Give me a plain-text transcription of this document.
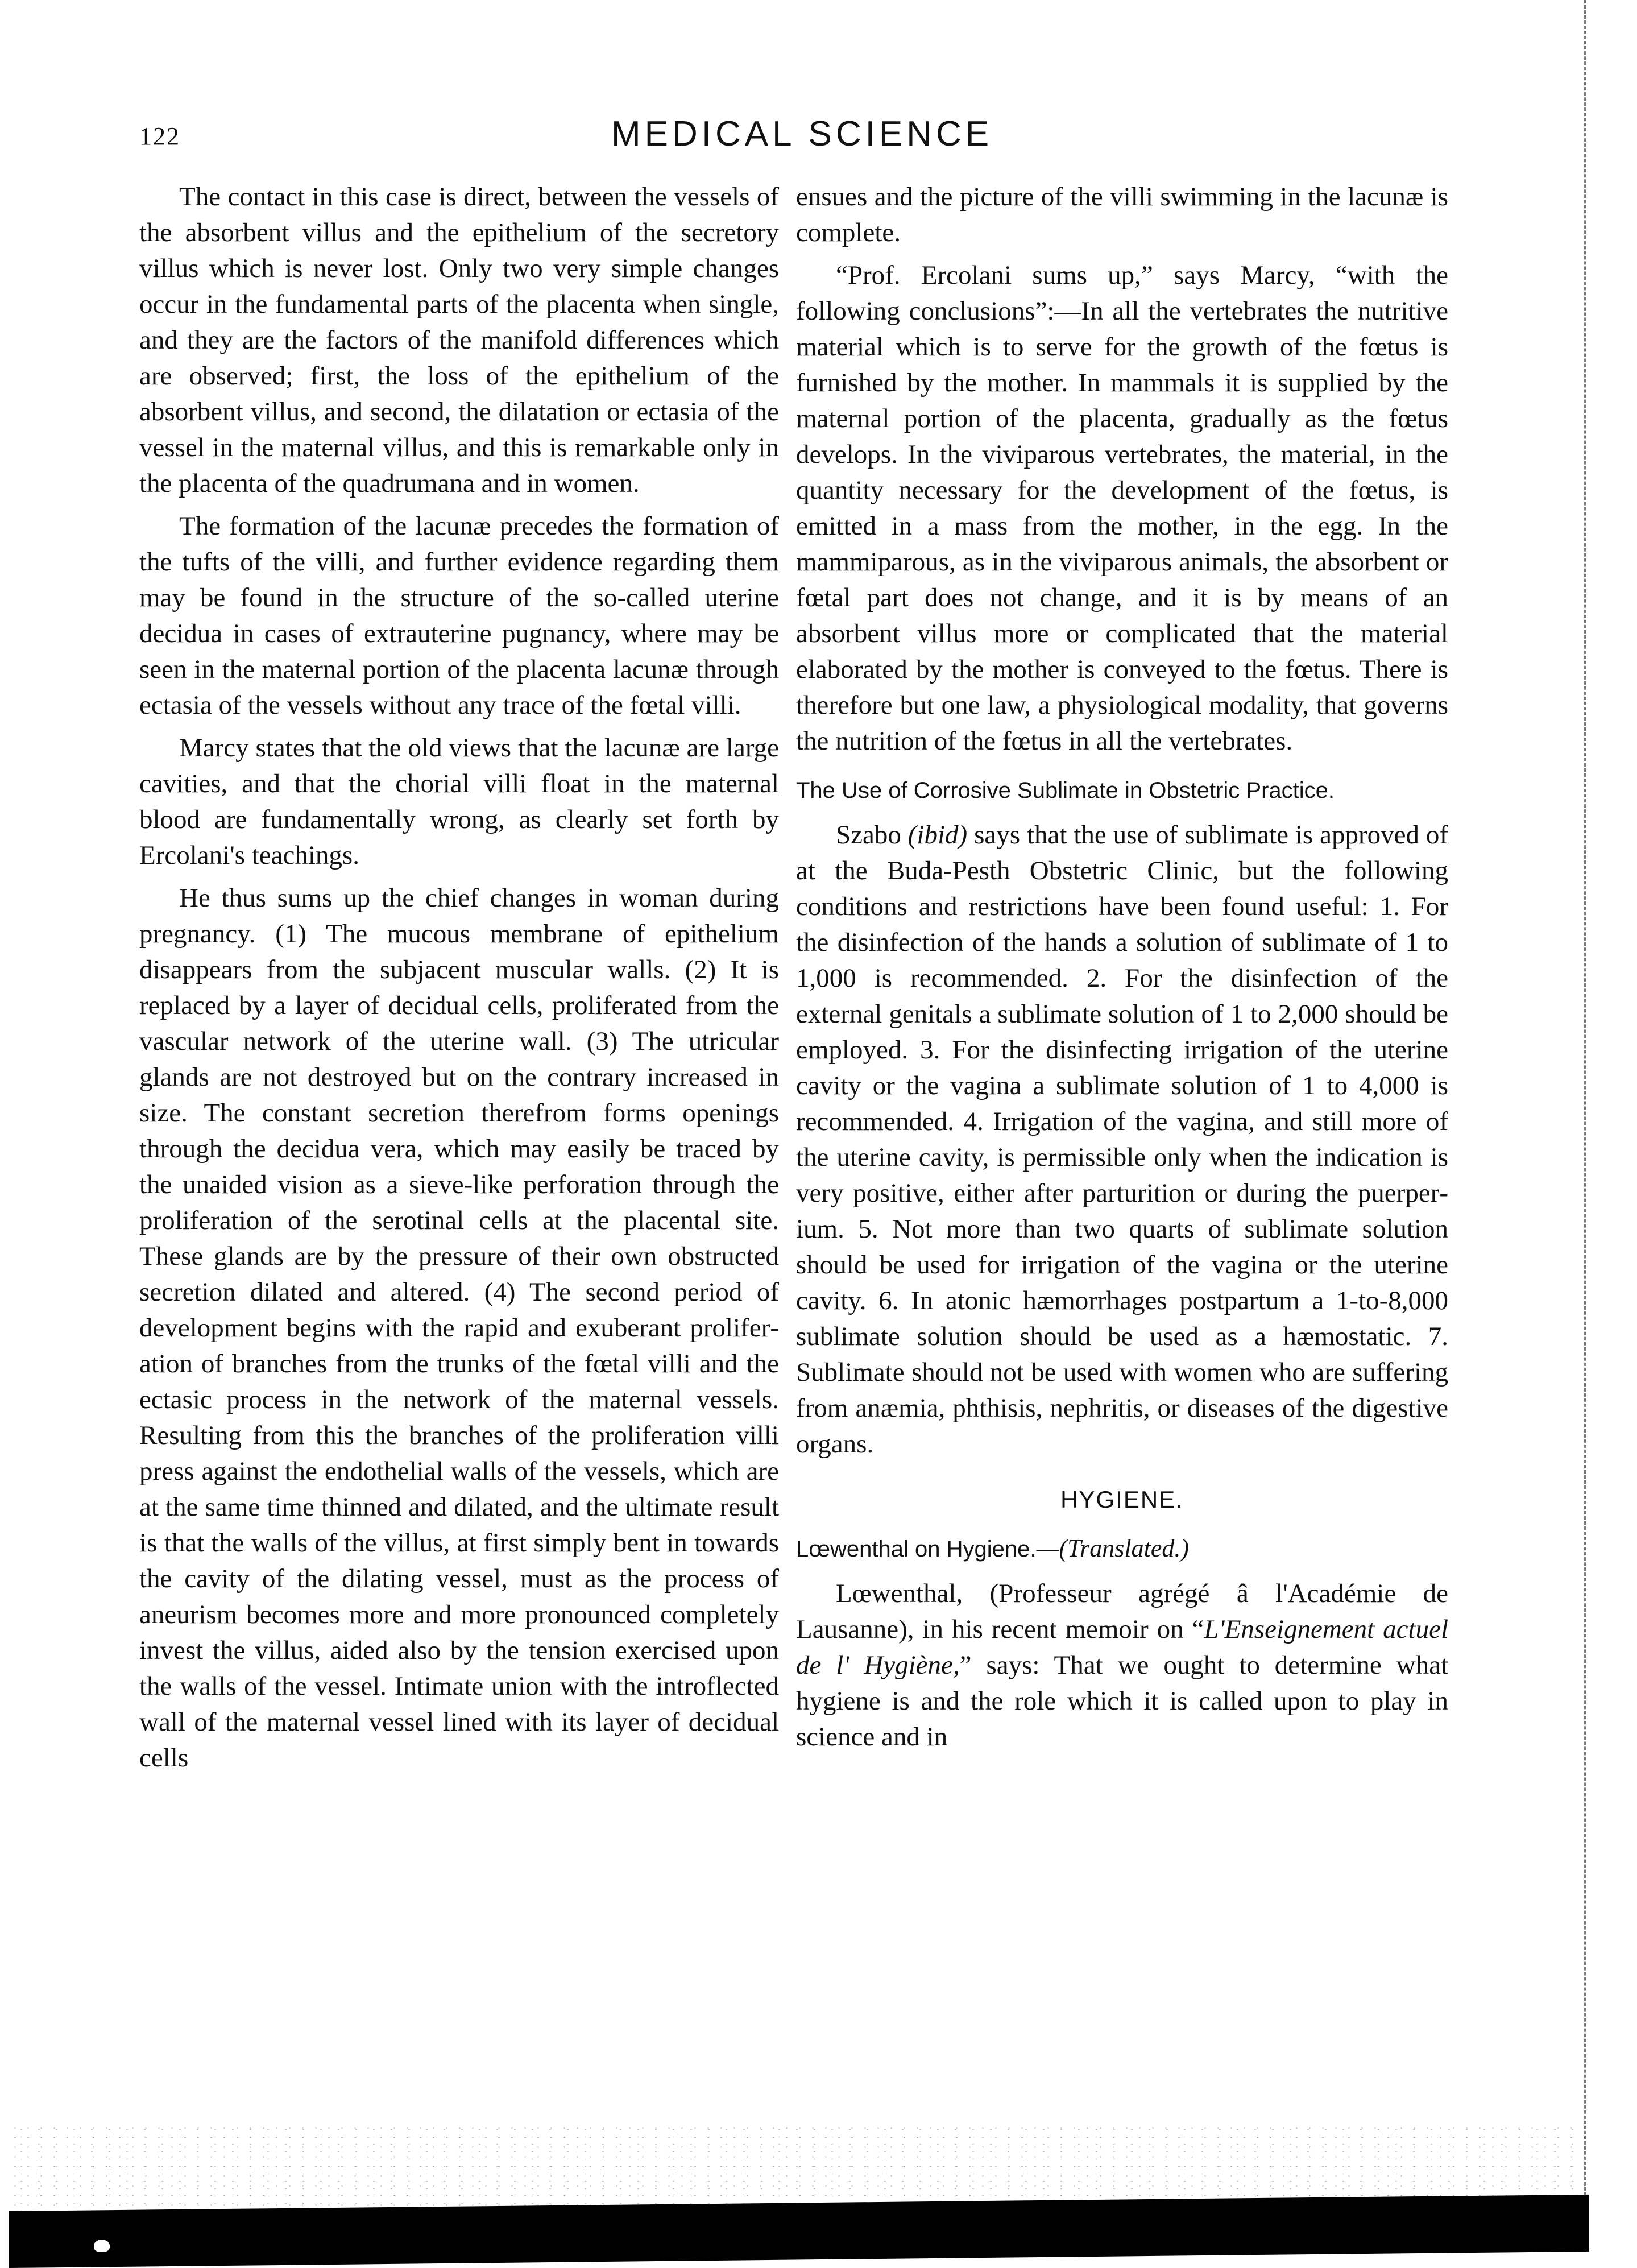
122	MEDICAL SCIENCE

The contact in this case is direct, between the vessels of the absorbent villus and the epithelium of the secretory villus which is never lost. Only two very simple changes occur in the fundamental parts of the placenta when single, and they are the factors of the manifold differences which are observed; first, the loss of the epithelium of the absorbent villus, and second, the dilatation or ectasia of the vessel in the maternal villus, and this is remarkable only in the placenta of the quadrumana and in women.

The formation of the lacunæ precedes the formation of the tufts of the villi, and further evidence regarding them may be found in the structure of the so-called uterine decidua in cases of extrauterine pugnancy, where may be seen in the maternal portion of the placenta lacunæ through ectasia of the vessels without any trace of the fœtal villi.

Marcy states that the old views that the lacunæ are large cavities, and that the chorial villi float in the maternal blood are fundamentally wrong, as clearly set forth by Ercolani's teachings.

He thus sums up the chief changes in woman during pregnancy. (1) The mucous membrane of epithelium disappears from the subjacent muscular walls. (2) It is replaced by a layer of decidual cells, proliferated from the vascular network of the uterine wall. (3) The utricular glands are not destroyed but on the contrary increased in size. The constant secretion therefrom forms openings through the decidua vera, which may easily be traced by the unaided vision as a sieve-like perforation through the proliferation of the serotinal cells at the placental site. These glands are by the pressure of their own obstructed secretion dilated and altered. (4) The second period of development begins with the rapid and exuberant proliferation of branches from the trunks of the fœtal villi and the ectasic process in the network of the maternal vessels. Resulting from this the branches of the proliferation villi press against the endothelial walls of the vessels, which are at the same time thinned and dilated, and the ultimate result is that the walls of the villus, at first simply bent in towards the cavity of the dilating vessel, must as the process of aneurism becomes more and more pronounced completely invest the villus, aided also by the tension exercised upon the walls of the vessel. Intimate union with the introflected wall of the maternal vessel lined with its layer of decidual cells

ensues and the picture of the villi swimming in the lacunæ is complete.

“Prof. Ercolani sums up,” says Marcy, “with the following conclusions”:—In all the vertebrates the nutritive material which is to serve for the growth of the fœtus is furnished by the mother. In mammals it is supplied by the maternal portion of the placenta, gradually as the fœtus develops. In the viviparous vertebrates, the material, in the quantity necessary for the development of the fœtus, is emitted in a mass from the mother, in the egg. In the mammiparous, as in the viviparous animals, the absorbent or fœtal part does not change, and it is by means of an absorbent villus more or complicated that the material elaborated by the mother is conveyed to the fœtus. There is therefore but one law, a physiological modality, that governs the nutrition of the fœtus in all the vertebrates.

The Use of Corrosive Sublimate in Obstetric Practice.

Szabo (ibid) says that the use of sublimate is approved of at the Buda-Pesth Obstetric Clinic, but the following conditions and restrictions have been found useful: 1. For the disinfection of the hands a solution of sublimate of 1 to 1,000 is recommended. 2. For the disinfection of the external genitals a sublimate solution of 1 to 2,000 should be employed. 3. For the disinfecting irrigation of the uterine cavity or the vagina a sublimate solution of 1 to 4,000 is recommended. 4. Irrigation of the vagina, and still more of the uterine cavity, is permissible only when the indication is very positive, either after parturition or during the puerperium. 5. Not more than two quarts of sublimate solution should be used for irrigation of the vagina or the uterine cavity. 6. In atonic hæmorrhages postpartum a 1-to-8,000 sublimate solution should be used as a hæmostatic. 7. Sublimate should not be used with women who are suffering from anæmia, phthisis, nephritis, or diseases of the digestive organs.

HYGIENE.
Lœwenthal on Hygiene.—(Translated.)

Lœwenthal, (Professeur agrégé â l'Académie de Lausanne), in his recent memoir on “L'Enseignement actuel de l' Hygiène,” says: That we ought to determine what hygiene is and the role which it is called upon to play in science and in
